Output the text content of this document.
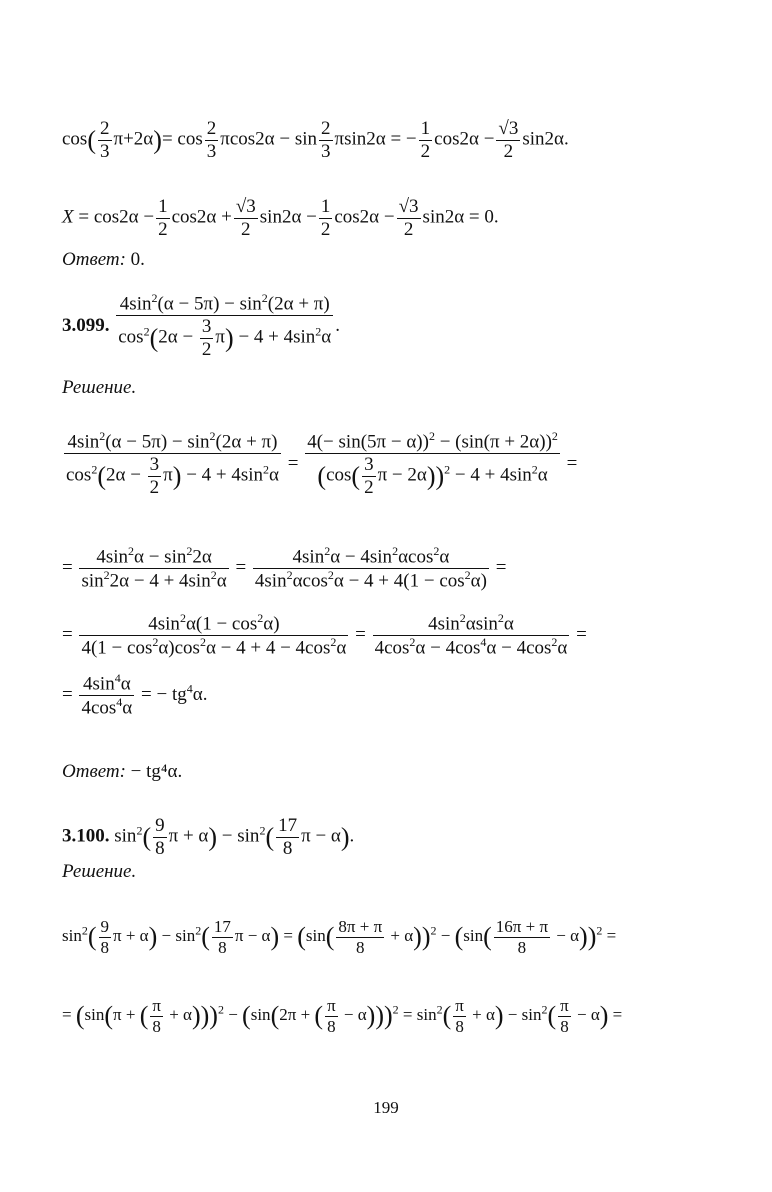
$\cos( \frac{2}{3} \pi+2\alpha)= \cos \frac{2}{3} \pi\cos 2\alpha - \sin \frac{2}{3} \pi\sin 2\alpha$ = − $\frac{1}{2} \cos 2\alpha - \frac{√3}{2} \sin 2\alpha$.
$X = \cos 2\alpha - \frac{1}{2} \cos 2\alpha + \frac{√3}{2} \sin 2\alpha - \frac{1}{2} \cos 2\alpha - \frac{√3}{2} \sin 2\alpha = 0$.
Ответ: 0.
3.099. $\frac{4\sin^2(\alpha - 5\pi) - \sin^2(2\alpha + \pi)}{\cos^2(2\alpha - \frac{3}{2} \pi) - 4 + 4\sin^2\alpha}$ .
Решение.
$\frac{4\sin^2(\alpha - 5\pi) - \sin^2(2\alpha + \pi)}{\cos^2(2\alpha - \frac{3}{2} \pi) - 4 + 4\sin^2\alpha} = \frac{4(- \sin(5\pi - \alpha))^2 - (\sin(\pi + 2\alpha))^2}{(\cos( \frac{3}{2} \pi - 2\alpha))^2 - 4 + 4\sin^2\alpha}$ =
= $\frac{4\sin^2\alpha - \sin^22\alpha}{\sin^22\alpha - 4 + 4\sin^2\alpha} = \frac{4\sin^2\alpha - 4\sin^2\alpha\cos^2\alpha}{4\sin^2\alpha\cos^2\alpha - 4 + 4(1 - \cos^2\alpha)}$ =
= $\frac{4\sin^2\alpha(1 - \cos^2\alpha)}{4(1 - \cos^2\alpha)\cos^2\alpha - 4 + 4 - 4\cos^2\alpha} = \frac{4\sin^2\alpha\sin^2\alpha}{4\cos^2\alpha - 4\cos^4\alpha - 4\cos^2\alpha}$ =
= $\frac{4\sin^4\alpha}{4\cos^4\alpha}$ = − $tg^4\alpha$.
Ответ: − tg⁴α.
3.100. $\sin^2( \frac{9}{8}$ $\pi + \alpha) - \sin^2( \frac{17}{8}$ π − α).
Решение.
$\sin^2( \frac{9}{8}$ $\pi + \alpha) - \sin^2( \frac{17}{8}$ $\pi - \alpha) = (\sin( \frac{8\pi + \pi}{8} + \alpha))^2 - (\sin( \frac{16\pi + \pi}{8} - \alpha))^2$ =
= (sin(π + ( $\frac{\pi}{8} + \alpha)))^2 - (\sin(2\pi$ + ( $\frac{\pi}{8} - \alpha)))^2 = \sin^2( \frac{\pi}{8} + \alpha) - \sin^2( \frac{\pi}{8} - \alpha)$ =
199
